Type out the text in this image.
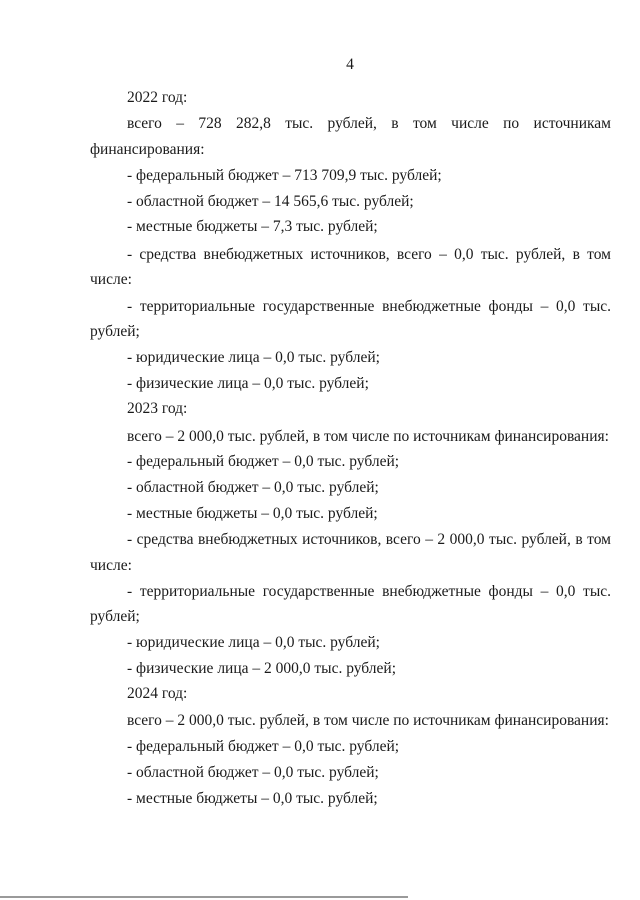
4
2022 год:
всего – 728 282,8 тыс. рублей, в том числе по источникам
финансирования:
- федеральный бюджет – 713 709,9 тыс. рублей;
- областной бюджет – 14 565,6 тыс. рублей;
- местные бюджеты – 7,3 тыс. рублей;
- средства внебюджетных источников, всего – 0,0 тыс. рублей, в том
числе:
- территориальные государственные внебюджетные фонды – 0,0 тыс.
рублей;
- юридические лица – 0,0 тыс. рублей;
- физические лица – 0,0 тыс. рублей;
2023 год:
всего – 2 000,0 тыс. рублей, в том числе по источникам финансирования:
- федеральный бюджет – 0,0 тыс. рублей;
- областной бюджет – 0,0 тыс. рублей;
- местные бюджеты – 0,0 тыс. рублей;
- средства внебюджетных источников, всего – 2 000,0 тыс. рублей, в том
числе:
- территориальные государственные внебюджетные фонды – 0,0 тыс.
рублей;
- юридические лица – 0,0 тыс. рублей;
- физические лица – 2 000,0 тыс. рублей;
2024 год:
всего – 2 000,0 тыс. рублей, в том числе по источникам финансирования:
- федеральный бюджет – 0,0 тыс. рублей;
- областной бюджет – 0,0 тыс. рублей;
- местные бюджеты – 0,0 тыс. рублей;
